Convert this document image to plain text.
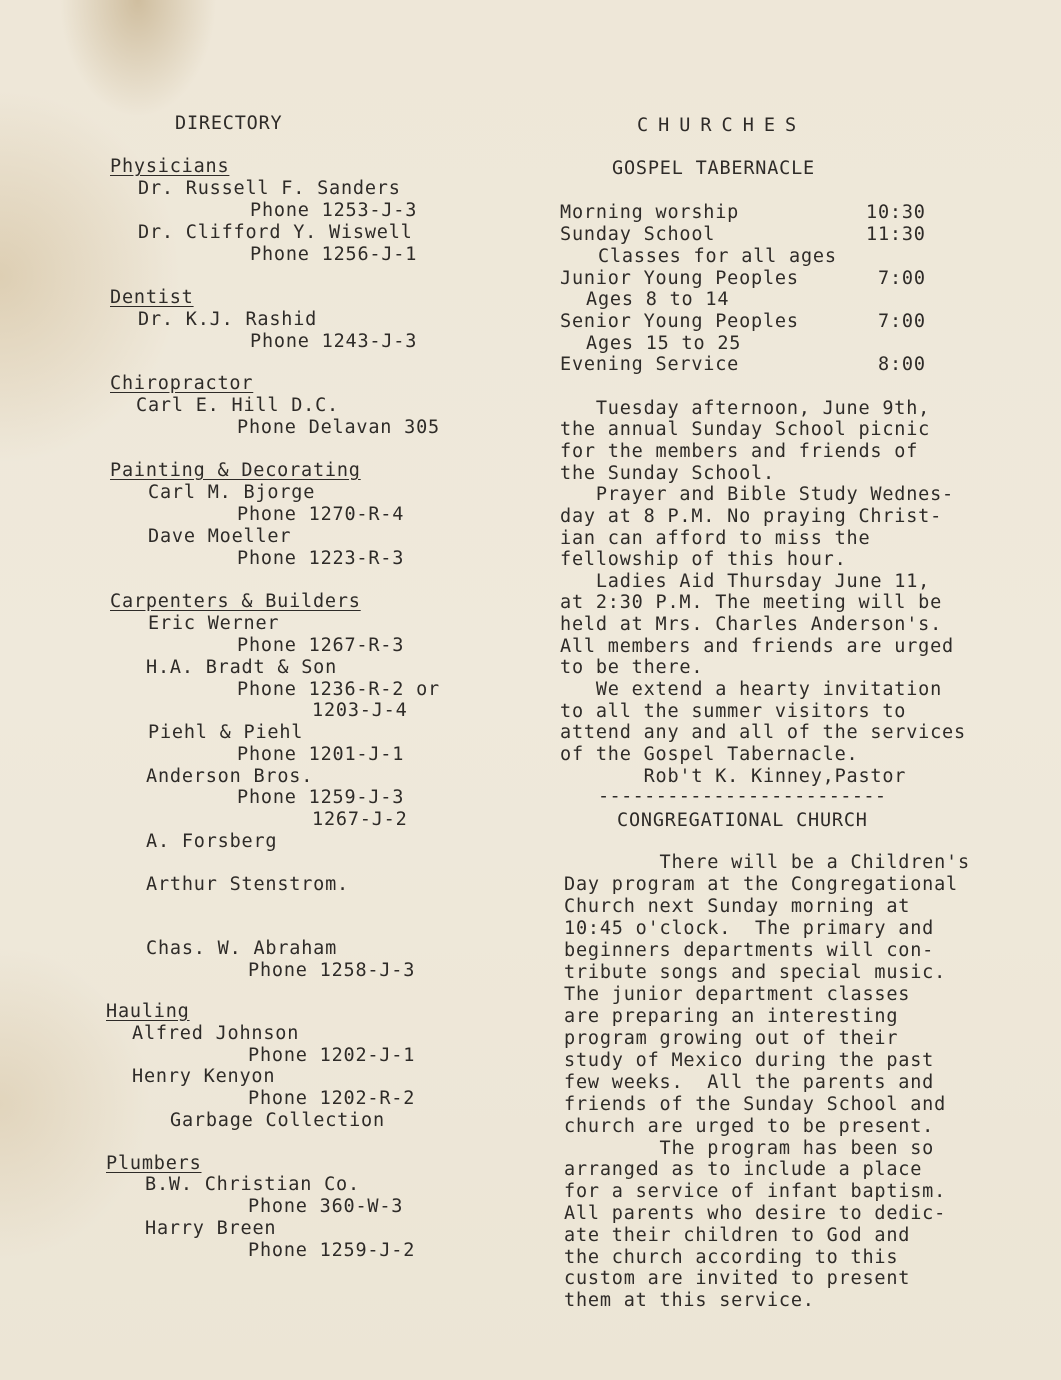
DIRECTORY
Physicians
Dr. Russell F. Sanders
Phone 1253-J-3
Dr. Clifford Y. Wiswell
Phone 1256-J-1
Dentist
Dr. K.J. Rashid
Phone 1243-J-3
Chiropractor
Carl E. Hill D.C.
Phone Delavan 305
Painting & Decorating
Carl M. Bjorge
Phone 1270-R-4
Dave Moeller
Phone 1223-R-3
Carpenters & Builders
Eric Werner
Phone 1267-R-3
H.A. Bradt & Son
Phone 1236-R-2 or
1203-J-4
Piehl & Piehl
Phone 1201-J-1
Anderson Bros.
Phone 1259-J-3
1267-J-2
A. Forsberg
Arthur Stenstrom.
Chas. W. Abraham
Phone 1258-J-3
Hauling
Alfred Johnson
Phone 1202-J-1
Henry Kenyon
Phone 1202-R-2
Garbage Collection
Plumbers
B.W. Christian Co.
Phone 360-W-3
Harry Breen
Phone 1259-J-2
CHURCHES
GOSPEL TABERNACLE
Morning worship	10:30
Sunday School	11:30
Classes for all ages
Junior Young Peoples	7:00
Ages 8 to 14
Senior Young Peoples	7:00
Ages 15 to 25
Evening Service	8:00
Tuesday afternoon, June 9th,
the annual Sunday School picnic
for the members and friends of
the Sunday School.
Prayer and Bible Study Wednes-
day at 8 P.M. No praying Christ-
ian can afford to miss the
fellowship of this hour.
Ladies Aid Thursday June 11,
at 2:30 P.M. The meeting will be
held at Mrs. Charles Anderson's.
All members and friends are urged
to be there.
We extend a hearty invitation
to all the summer visitors to
attend any and all of the services
of the Gospel Tabernacle.
Rob't K. Kinney,Pastor
-------------------------
CONGREGATIONAL CHURCH
There will be a Children's
Day program at the Congregational
Church next Sunday morning at
10:45 o'clock.  The primary and
beginners departments will con-
tribute songs and special music.
The junior department classes
are preparing an interesting
program growing out of their
study of Mexico during the past
few weeks.  All the parents and
friends of the Sunday School and
church are urged to be present.
The program has been so
arranged as to include a place
for a service of infant baptism.
All parents who desire to dedic-
ate their children to God and
the church according to this
custom are invited to present
them at this service.
